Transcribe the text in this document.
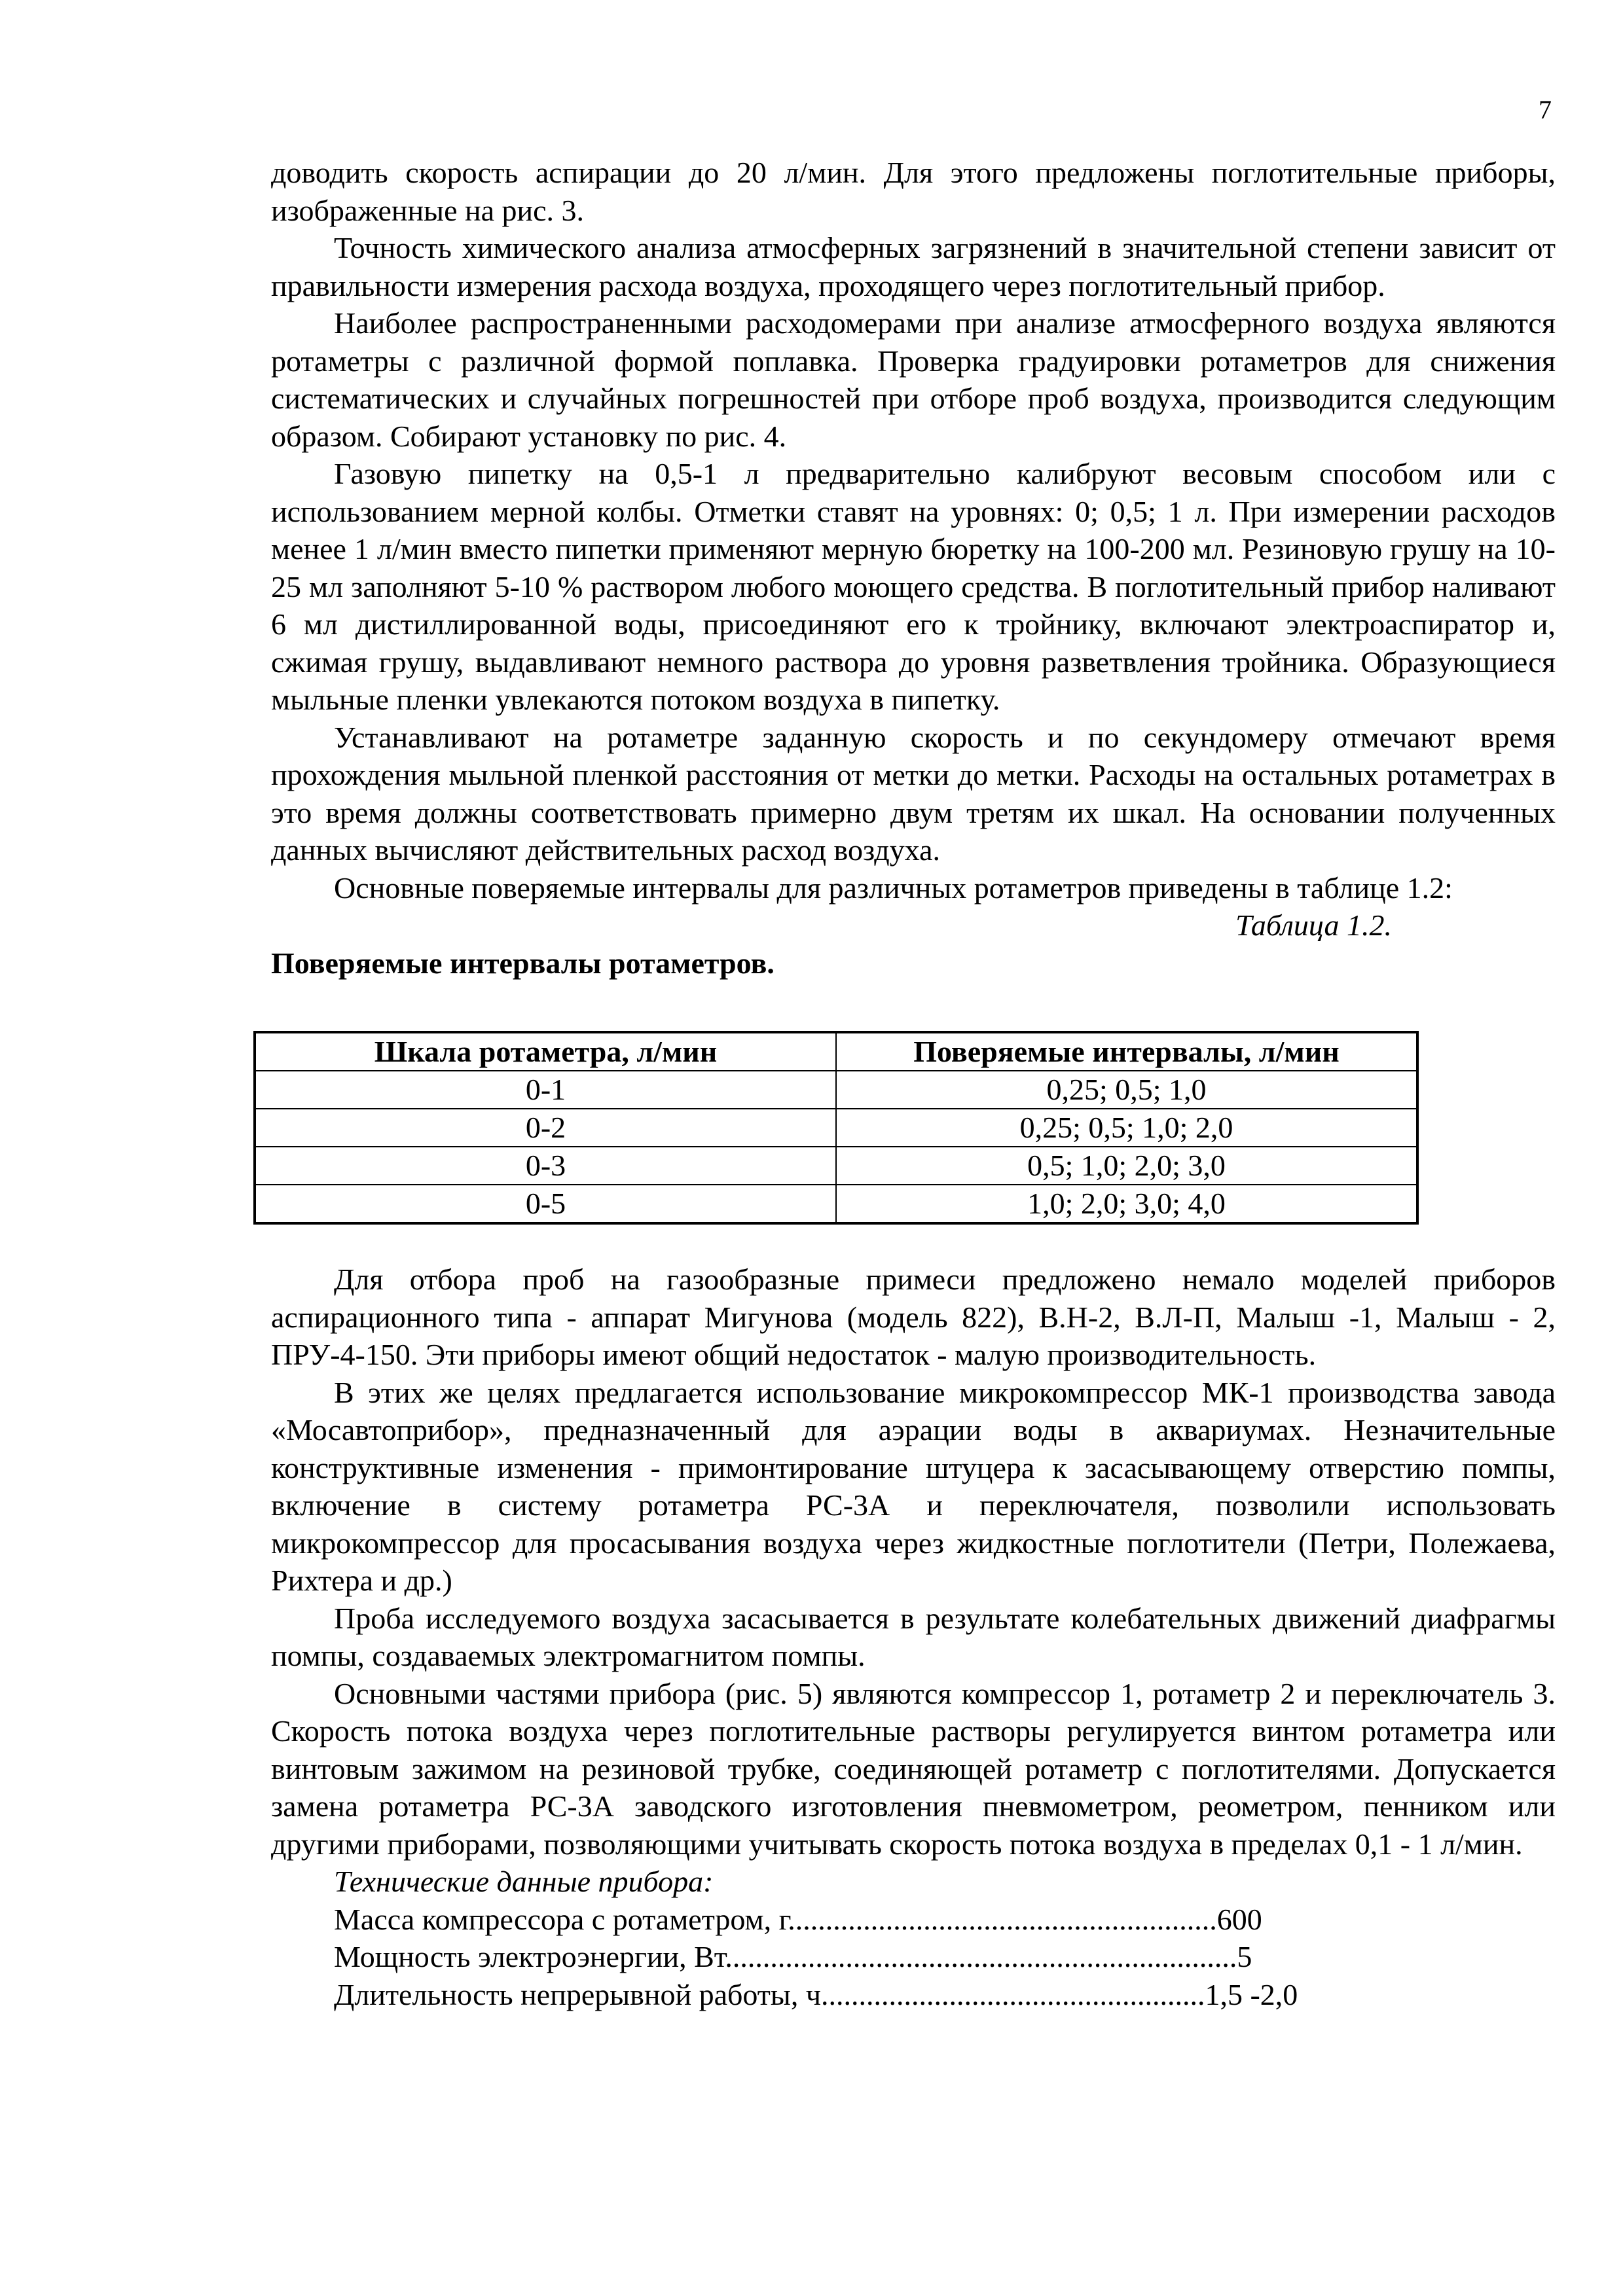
7

доводить скорость аспирации до 20 л/мин. Для этого предложены поглотительные приборы, изображенные на рис. 3.

Точность химического анализа атмосферных загрязнений в значительной степени зависит от правильности измерения расхода воздуха, проходящего через поглотительный прибор.

Наиболее распространенными расходомерами при анализе атмосферного воздуха являются ротаметры с различной формой поплавка. Проверка градуировки ротаметров для снижения систематических и случайных погрешностей при отборе проб воздуха, производится следующим образом. Собирают установку по рис. 4.

Газовую пипетку на 0,5-1 л предварительно калибруют весовым способом или с использованием мерной колбы. Отметки ставят на уровнях: 0; 0,5; 1 л. При измерении расходов менее 1 л/мин вместо пипетки применяют мерную бюретку на 100-200 мл. Резиновую грушу на 10-25 мл заполняют 5-10 % раствором любого моющего средства. В поглотительный прибор наливают 6 мл дистиллированной воды, присоединяют его к тройнику, включают электроаспиратор и, сжимая грушу, выдавливают немного раствора до уровня разветвления тройника. Образующиеся мыльные пленки увлекаются потоком воздуха в пипетку.

Устанавливают на ротаметре заданную скорость и по секундомеру отмечают время прохождения мыльной пленкой расстояния от метки до метки. Расходы на остальных ротаметрах в это время должны соответствовать примерно двум третям их шкал. На основании полученных данных вычисляют действительных расход воздуха.

Основные поверяемые интервалы для различных ротаметров приведены в таблице 1.2:

Таблица 1.2.

Поверяемые интервалы ротаметров.

Шкала ротаметра, л/мин	Поверяемые интервалы, л/мин
0-1	0,25; 0,5; 1,0
0-2	0,25; 0,5; 1,0; 2,0
0-3	0,5; 1,0; 2,0; 3,0
0-5	1,0; 2,0; 3,0; 4,0

Для отбора проб на газообразные примеси предложено немало моделей приборов аспирационного типа - аппарат Мигунова (модель 822), В.Н-2, В.Л-П, Малыш -1, Малыш - 2, ПРУ-4-150. Эти приборы имеют общий недостаток - малую производительность.

В этих же целях предлагается использование микрокомпрессор МК-1 производства завода «Мосавтоприбор», предназначенный для аэрации воды в аквариумах. Незначительные конструктивные изменения - примонтирование штуцера к засасывающему отверстию помпы, включение в систему ротаметра РС-3А и переключателя, позволили использовать микрокомпрессор для просасывания воздуха через жидкостные поглотители (Петри, Полежаева, Рихтера и др.)

Проба исследуемого воздуха засасывается в результате колебательных движений диафрагмы помпы, создаваемых электромагнитом помпы.

Основными частями прибора (рис. 5) являются компрессор 1, ротаметр 2 и переключатель 3. Скорость потока воздуха через поглотительные растворы регулируется винтом ротаметра или винтовым зажимом на резиновой трубке, соединяющей ротаметр с поглотителями. Допускается замена ротаметра РС-3А заводского изготовления пневмометром, реометром, пенником или другими приборами, позволяющими учитывать скорость потока воздуха в пределах 0,1 - 1 л/мин.

Технические данные прибора:
Масса компрессора с ротаметром, г.........................................................600
Мощность электроэнергии, Вт....................................................................5
Длительность непрерывной работы, ч...................................................1,5 -2,0
